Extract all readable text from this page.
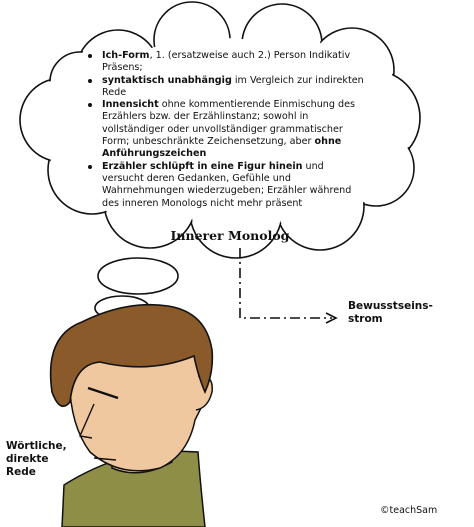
Ich-Form, 1. (ersatzweise auch 2.) Person Indikativ Präsens;
syntaktisch unabhängig im Vergleich zur indirekten Rede
Innensicht ohne kommentierende Einmischung des Erzählers bzw. der Erzählinstanz; sowohl in vollständiger oder unvollständiger grammatischer Form; unbeschränkte Zeichensetzung, aber ohne Anführungszeichen
Erzähler schlüpft in eine Figur hinein und versucht deren Gedanken, Gefühle und Wahrnehmungen wiederzugeben; Erzähler während des inneren Monologs nicht mehr präsent
Innerer Monolog
Bewusstseins-
strom
Wörtliche,
direkte
Rede
©teachSam
